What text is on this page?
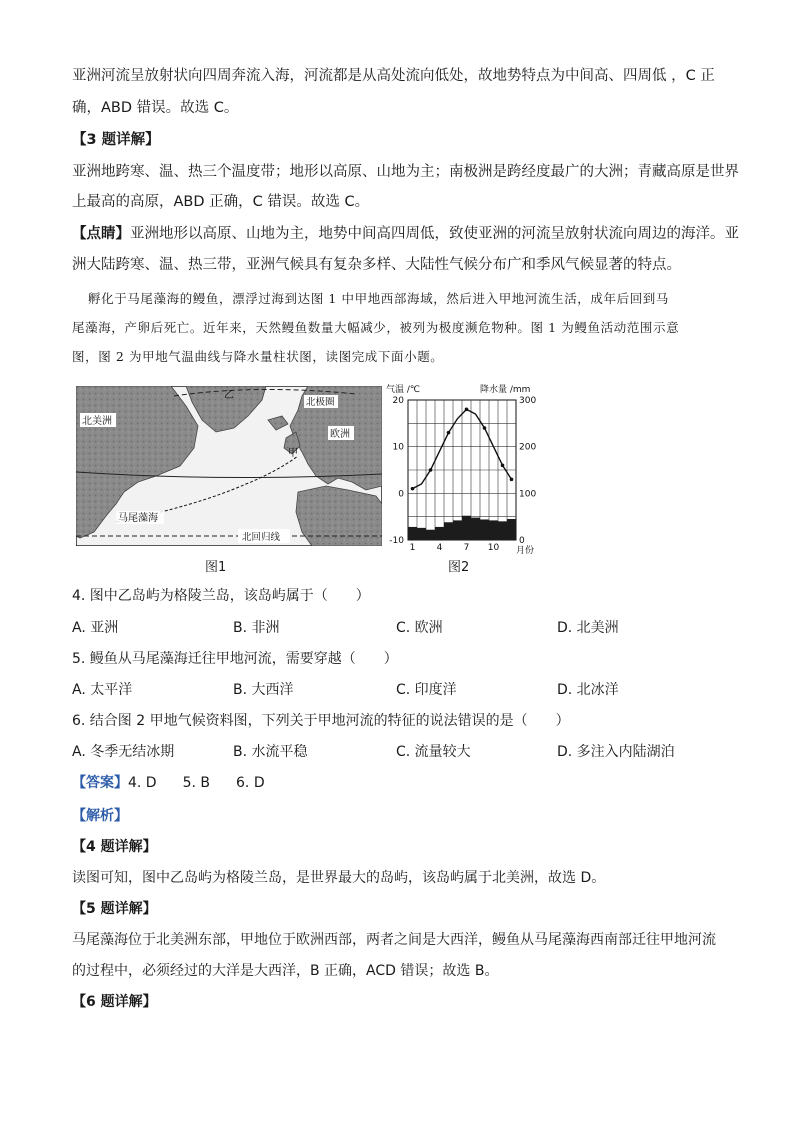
亚洲河流呈放射状向四周奔流入海，河流都是从高处流向低处，故地势特点为中间高、四周低 ，C 正
确，ABD 错误。故选 C。
【3 题详解】
亚洲地跨寒、温、热三个温度带；地形以高原、山地为主；南极洲是跨经度最广的大洲；青藏高原是世界
上最高的高原，ABD 正确，C 错误。故选 C。
【点睛】亚洲地形以高原、山地为主，地势中间高四周低，致使亚洲的河流呈放射状流向周边的海洋。亚
洲大陆跨寒、温、热三带，亚洲气候具有复杂多样、大陆性气候分布广和季风气候显著的特点。
孵化于马尾藻海的鳗鱼，漂浮过海到达图 1 中甲地西部海域，然后进入甲地河流生活，成年后回到马
尾藻海，产卵后死亡。近年来，天然鳗鱼数量大幅减少，被列为极度濒危物种。图 1 为鳗鱼活动范围示意
图，图 2 为甲地气温曲线与降水量柱状图，读图完成下面小题。
北美洲
欧洲
北极圈
乙
甲
马尾藻海
北回归线
图1
气温 /℃	降水量 /mm
-10
0
10
20
0
100
200
300
1 4 7 10 月份
图2
4. 图中乙岛屿为格陵兰岛，该岛屿属于（　　）
A. 亚洲	B. 非洲	C. 欧洲	D. 北美洲
5. 鳗鱼从马尾藻海迁往甲地河流，需要穿越（　　）
A. 太平洋	B. 大西洋	C. 印度洋	D. 北冰洋
6. 结合图 2 甲地气候资料图，下列关于甲地河流的特征的说法错误的是（　　）
A. 冬季无结冰期	B. 水流平稳	C. 流量较大	D. 多注入内陆湖泊
【答案】4. D 5. B 6. D
【解析】
【4 题详解】
读图可知，图中乙岛屿为格陵兰岛，是世界最大的岛屿，该岛屿属于北美洲，故选 D。
【5 题详解】
马尾藻海位于北美洲东部，甲地位于欧洲西部，两者之间是大西洋，鳗鱼从马尾藻海西南部迁往甲地河流
的过程中，必须经过的大洋是大西洋，B 正确，ACD 错误；故选 B。
【6 题详解】
